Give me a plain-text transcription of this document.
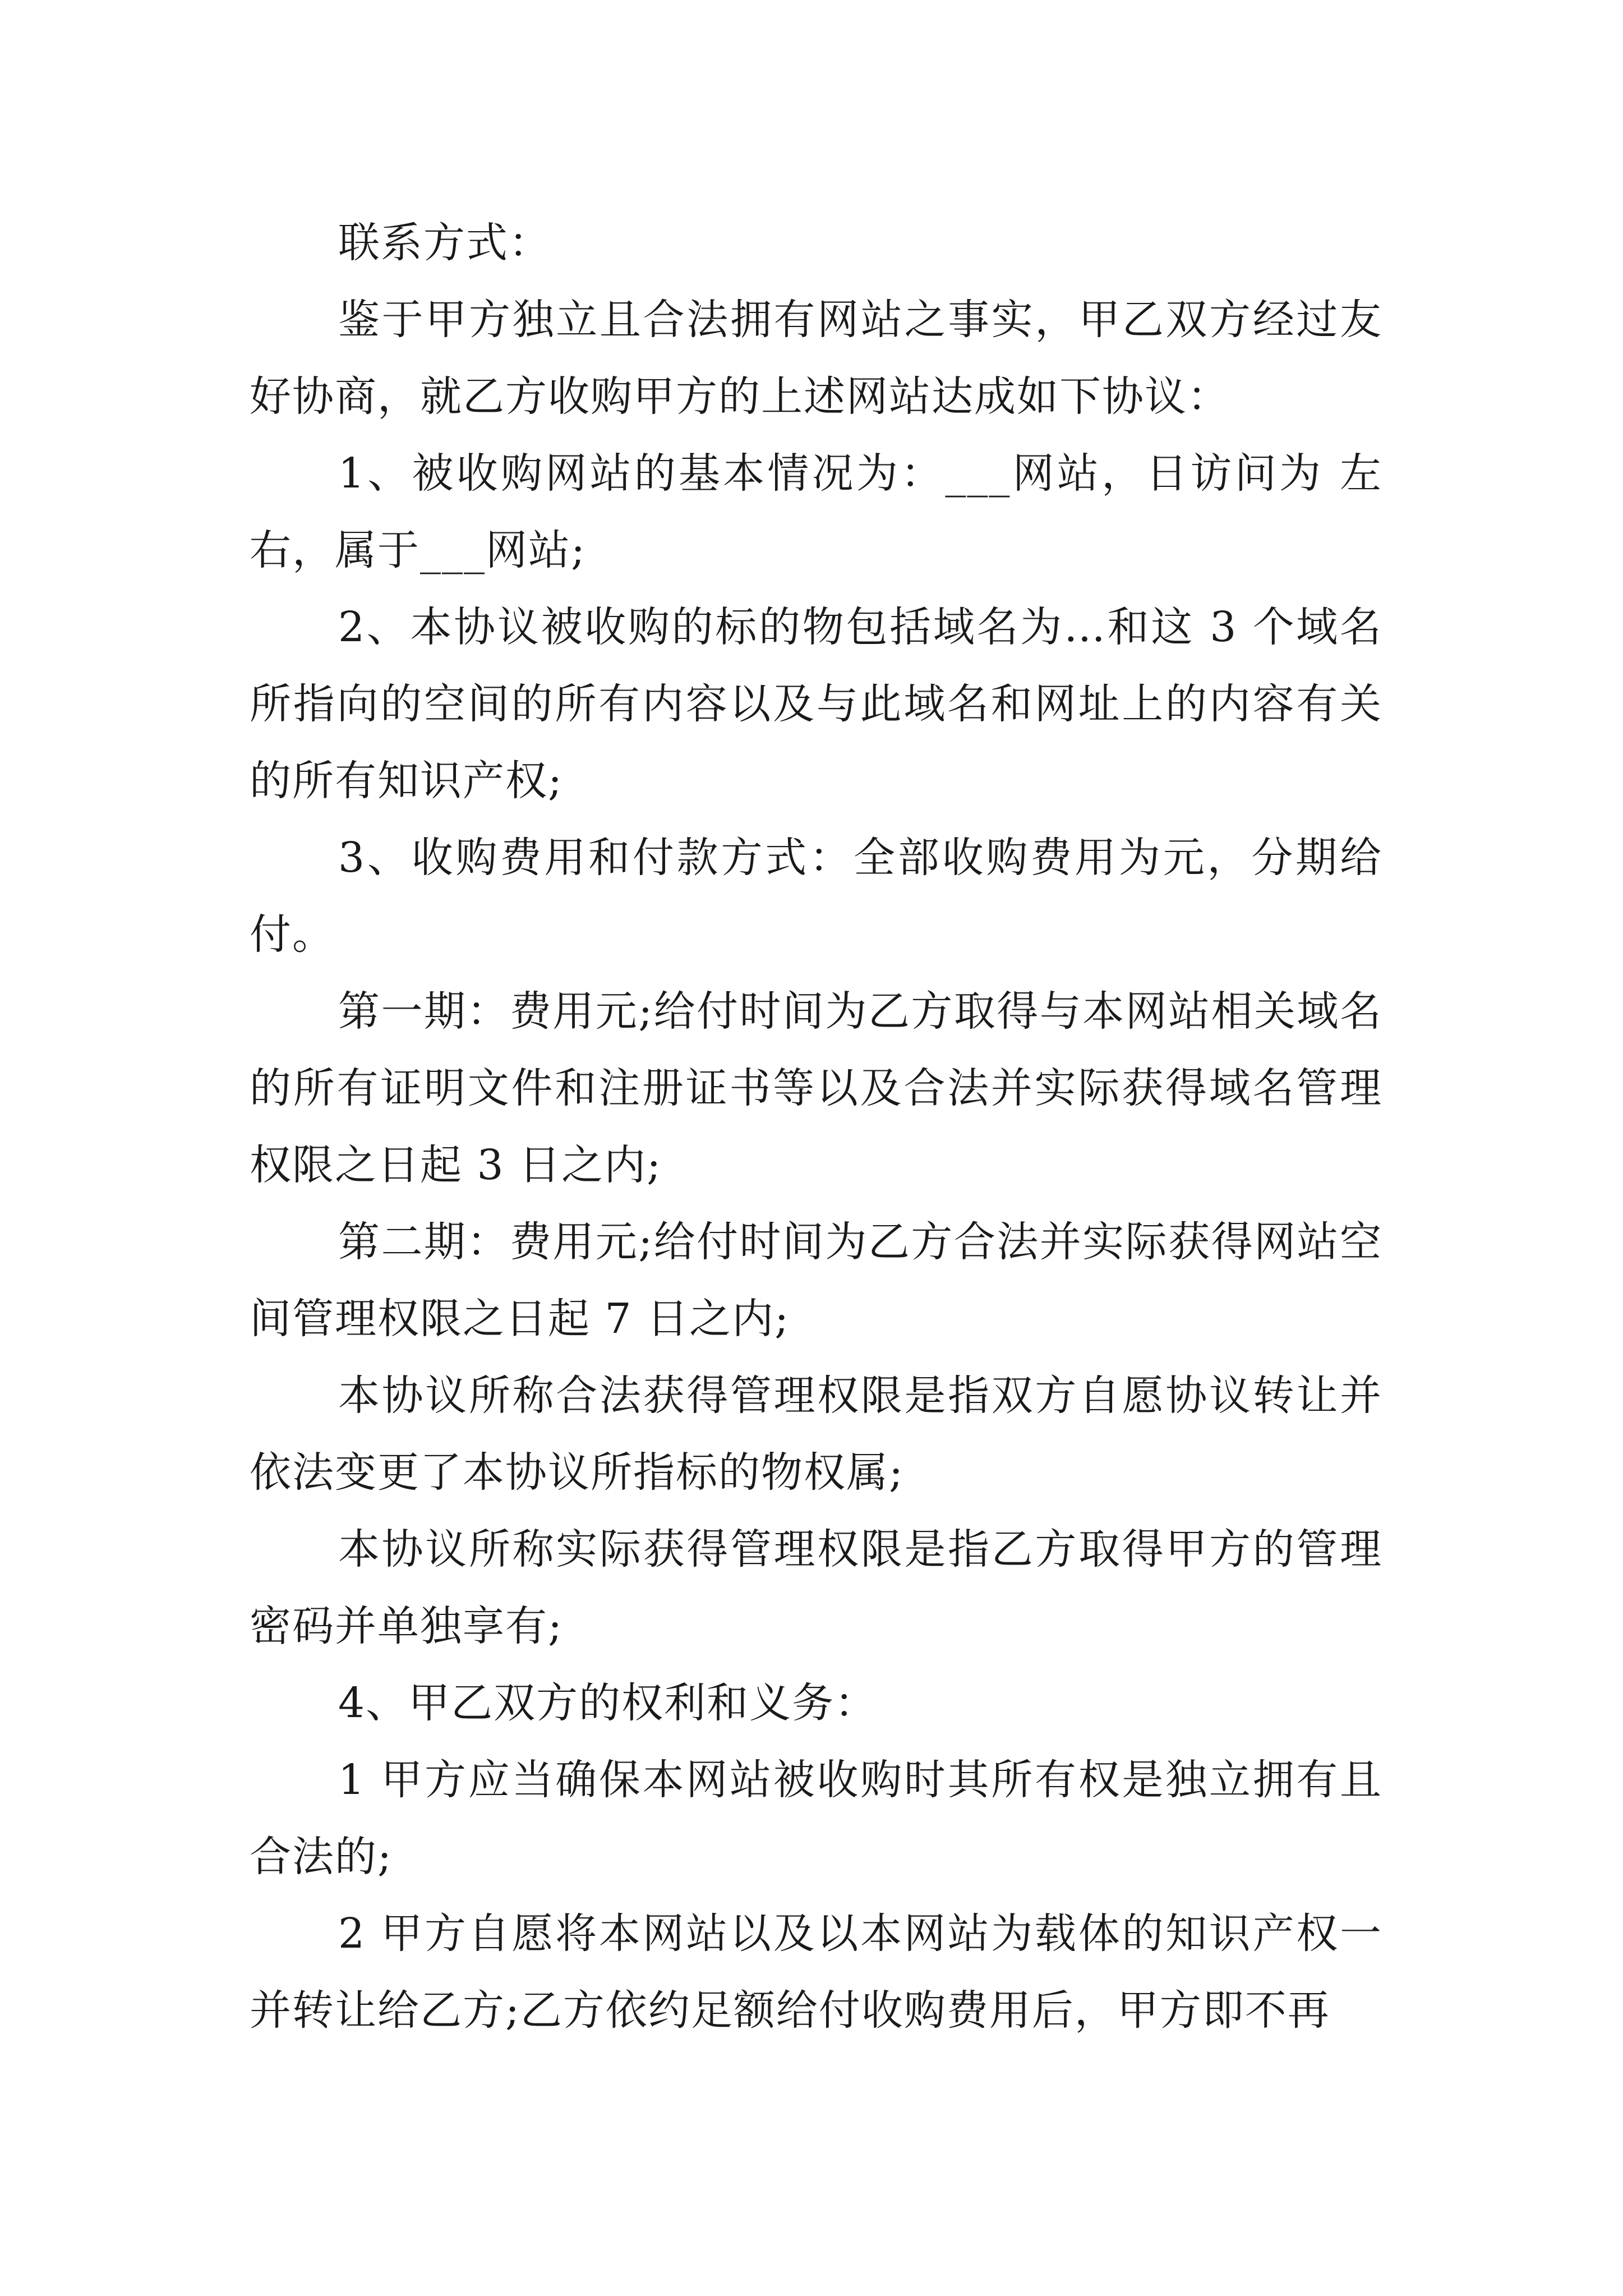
联系方式：

鉴于甲方独立且合法拥有网站之事实，甲乙双方经过友好协商，就乙方收购甲方的上述网站达成如下协议：

1、被收购网站的基本情况为：___网站，日访问为 左右，属于___网站;

2、本协议被收购的标的物包括域名为…和这 3 个域名所指向的空间的所有内容以及与此域名和网址上的内容有关的所有知识产权;

3、收购费用和付款方式：全部收购费用为元，分期给付。

第一期：费用元;给付时间为乙方取得与本网站相关域名的所有证明文件和注册证书等以及合法并实际获得域名管理权限之日起 3 日之内;

第二期：费用元;给付时间为乙方合法并实际获得网站空间管理权限之日起 7 日之内;

本协议所称合法获得管理权限是指双方自愿协议转让并依法变更了本协议所指标的物权属;

本协议所称实际获得管理权限是指乙方取得甲方的管理密码并单独享有;

4、甲乙双方的权利和义务：

1 甲方应当确保本网站被收购时其所有权是独立拥有且合法的;

2 甲方自愿将本网站以及以本网站为载体的知识产权一并转让给乙方;乙方依约足额给付收购费用后，甲方即不再
